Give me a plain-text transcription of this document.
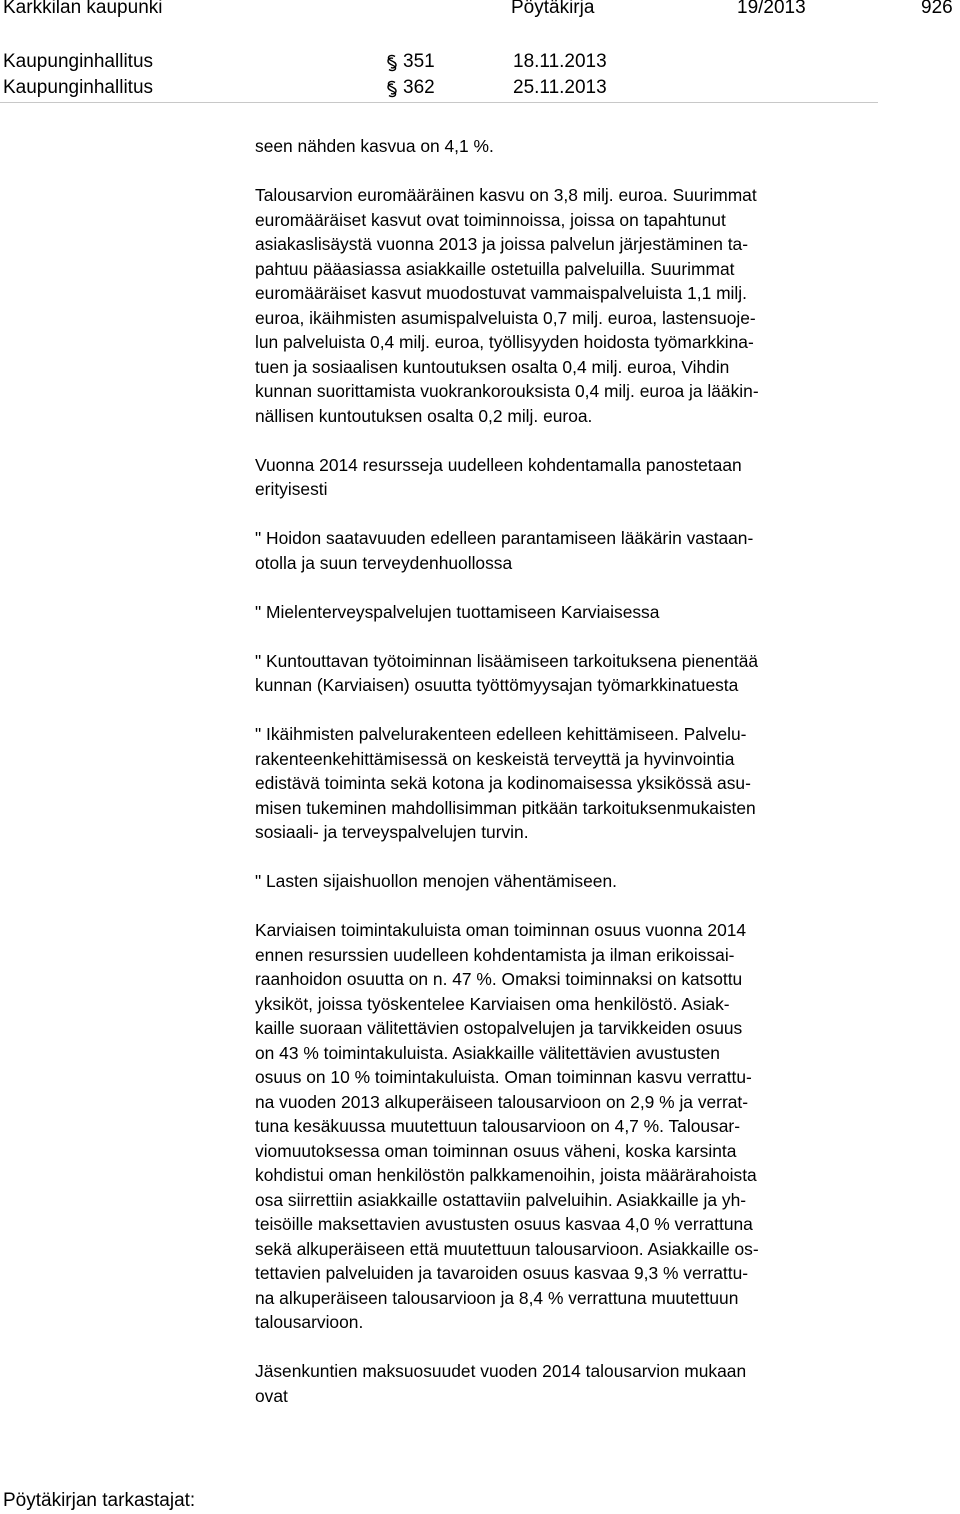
Karkkilan kaupunki	Pöytäkirja	19/2013	926
Kaupunginhallitus	351	18.11.2013
Kaupunginhallitus	362	25.11.2013
seen nähden kasvua on 4,1 %.
Talousarvion euromääräinen kasvu on 3,8 milj. euroa. Suurimmat
euromääräiset kasvut ovat toiminnoissa, joissa on tapahtunut
asiakaslisäystä vuonna 2013 ja joissa palvelun järjestäminen ta-
pahtuu pääasiassa asiakkaille ostetuilla palveluilla. Suurimmat
euromääräiset kasvut muodostuvat vammaispalveluista 1,1 milj.
euroa, ikäihmisten asumispalveluista 0,7 milj. euroa, lastensuoje-
lun palveluista 0,4 milj. euroa, työllisyyden hoidosta työmarkkina-
tuen ja sosiaalisen kuntoutuksen osalta 0,4 milj. euroa, Vihdin
kunnan suorittamista vuokrankorouksista 0,4 milj. euroa ja lääkin-
nällisen kuntoutuksen osalta 0,2 milj. euroa.
Vuonna 2014 resursseja uudelleen kohdentamalla panostetaan
erityisesti
" Hoidon saatavuuden edelleen parantamiseen lääkärin vastaan-
otolla ja suun terveydenhuollossa
" Mielenterveyspalvelujen tuottamiseen Karviaisessa
" Kuntouttavan työtoiminnan lisäämiseen tarkoituksena pienentää
kunnan (Karviaisen) osuutta työttömyysajan työmarkkinatuesta
" Ikäihmisten palvelurakenteen edelleen kehittämiseen. Palvelu-
rakenteenkehittämisessä on keskeistä terveyttä ja hyvinvointia
edistävä toiminta sekä kotona ja kodinomaisessa yksikössä asu-
misen tukeminen mahdollisimman pitkään tarkoituksenmukaisten
sosiaali- ja terveyspalvelujen turvin.
" Lasten sijaishuollon menojen vähentämiseen.
Karviaisen toimintakuluista oman toiminnan osuus vuonna 2014
ennen resurssien uudelleen kohdentamista ja ilman erikoissai-
raanhoidon osuutta on n. 47 %. Omaksi toiminnaksi on katsottu
yksiköt, joissa työskentelee Karviaisen oma henkilöstö. Asiak-
kaille suoraan välitettävien ostopalvelujen ja tarvikkeiden osuus
on 43 % toimintakuluista. Asiakkaille välitettävien avustusten
osuus on 10 % toimintakuluista. Oman toiminnan kasvu verrattu-
na vuoden 2013 alkuperäiseen talousarvioon on 2,9 % ja verrat-
tuna kesäkuussa muutettuun talousarvioon on 4,7 %. Talousar-
viomuutoksessa oman toiminnan osuus väheni, koska karsinta
kohdistui oman henkilöstön palkkamenoihin, joista määrärahoista
osa siirrettiin asiakkaille ostattaviin palveluihin. Asiakkaille ja yh-
teisöille maksettavien avustusten osuus kasvaa 4,0 % verrattuna
sekä alkuperäiseen että muutettuun talousarvioon. Asiakkaille os-
tettavien palveluiden ja tavaroiden osuus kasvaa 9,3 % verrattu-
na alkuperäiseen talousarvioon ja 8,4 % verrattuna muutettuun
talousarvioon.
Jäsenkuntien maksuosuudet vuoden 2014 talousarvion mukaan
ovat
Pöytäkirjan tarkastajat:
